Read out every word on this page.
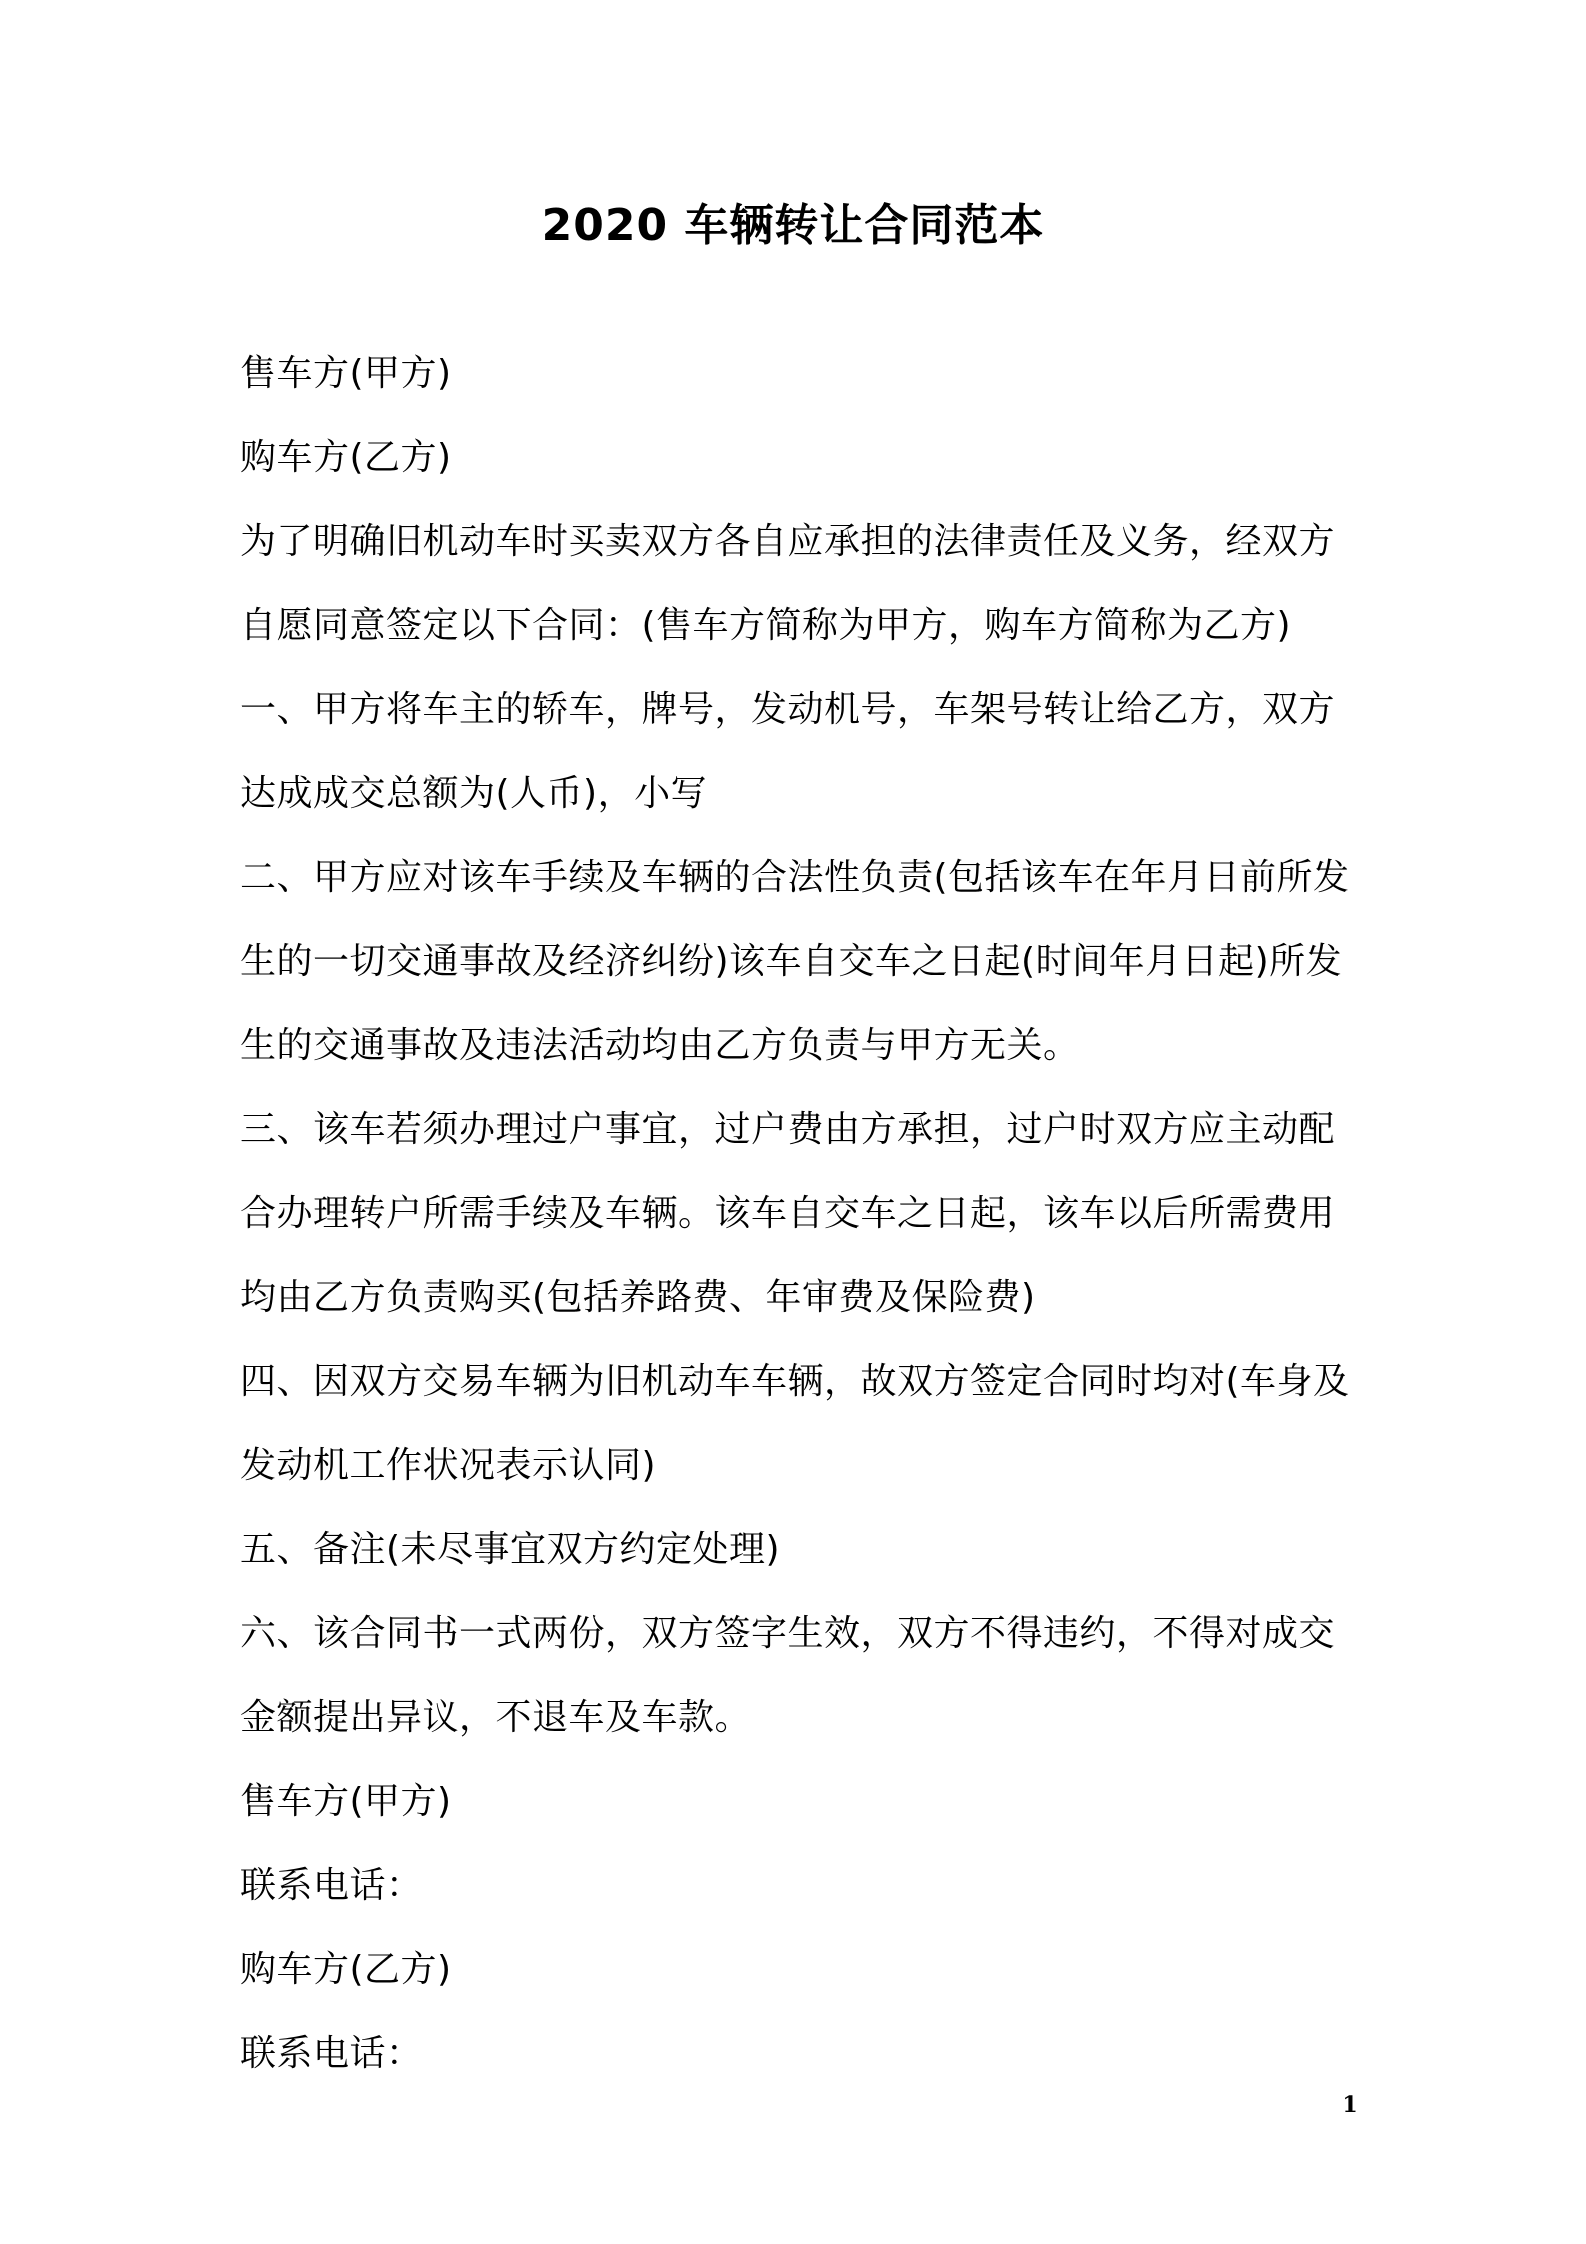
2020 车辆转让合同范本

售车方(甲方)

购车方(乙方)

为了明确旧机动车时买卖双方各自应承担的法律责任及义务，经双方自愿同意签定以下合同：(售车方简称为甲方，购车方简称为乙方)

一、甲方将车主的轿车，牌号，发动机号，车架号转让给乙方，双方达成成交总额为(人币)，小写

二、甲方应对该车手续及车辆的合法性负责(包括该车在年月日前所发生的一切交通事故及经济纠纷)该车自交车之日起(时间年月日起)所发生的交通事故及违法活动均由乙方负责与甲方无关。

三、该车若须办理过户事宜，过户费由方承担，过户时双方应主动配合办理转户所需手续及车辆。该车自交车之日起，该车以后所需费用均由乙方负责购买(包括养路费、年审费及保险费)

四、因双方交易车辆为旧机动车车辆，故双方签定合同时均对(车身及发动机工作状况表示认同)

五、备注(未尽事宜双方约定处理)

六、该合同书一式两份，双方签字生效，双方不得违约，不得对成交金额提出异议，不退车及车款。

售车方(甲方)

联系电话：

购车方(乙方)

联系电话：

1
